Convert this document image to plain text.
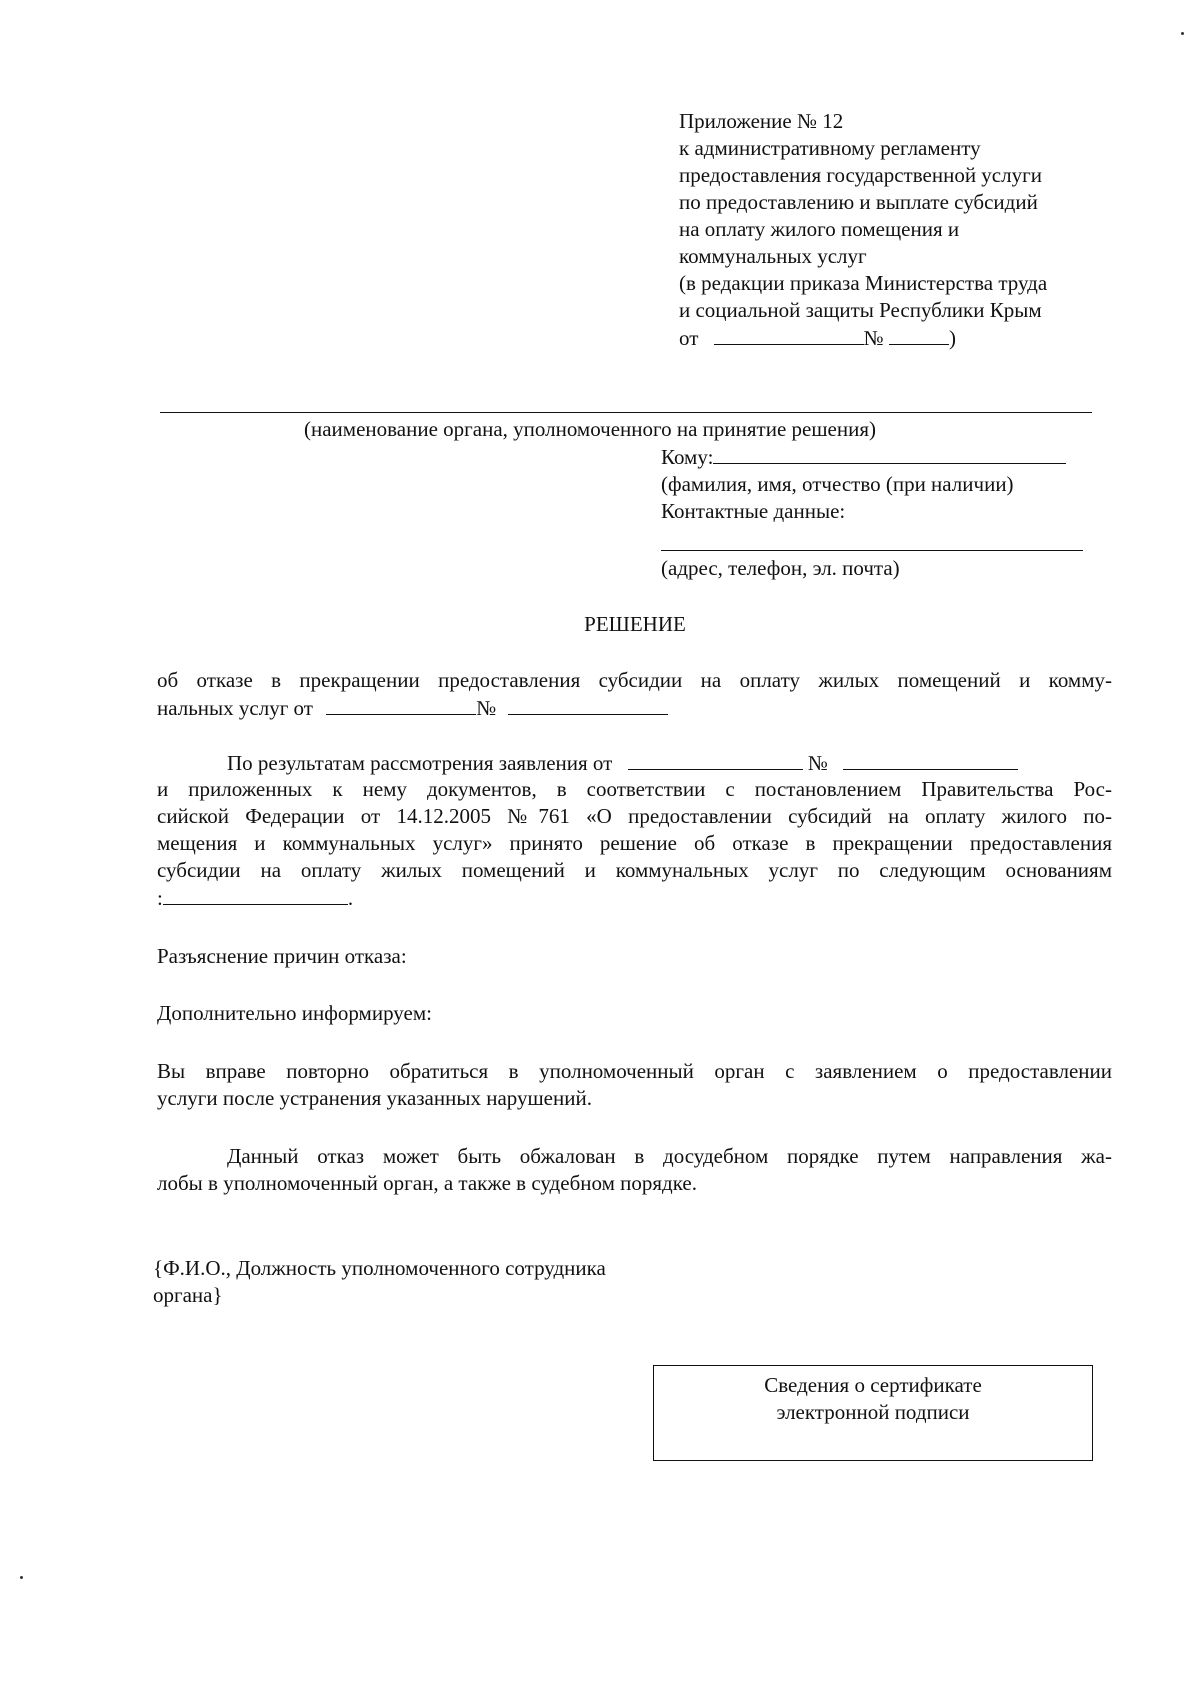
Приложение № 12
к административному регламенту
предоставления государственной услуги
по предоставлению и выплате субсидий
на оплату жилого помещения и
коммунальных услуг
(в редакции приказа Министерства труда
и социальной защиты Республики Крым
от	№	)
(наименование органа, уполномоченного на принятие решения)
Кому:
(фамилия, имя, отчество (при наличии)
Контактные данные:
(адрес, телефон, эл. почта)
РЕШЕНИЕ
об отказе в прекращении предоставления субсидии на оплату жилых помещений и комму-
нальных услуг от	№
По результатам рассмотрения заявления от	№
и приложенных к нему документов, в соответствии с постановлением Правительства Рос-
сийской Федерации от 14.12.2005 №761 «О предоставлении субсидий на оплату жилого по-
мещения и коммунальных услуг» принято решение об отказе в прекращении предоставления
субсидии на оплату жилых помещений и коммунальных услуг по следующим основаниям
:	.
Разъяснение причин отказа:
Дополнительно информируем:
Вы вправе повторно обратиться в уполномоченный орган с заявлением о предоставлении
услуги после устранения указанных нарушений.
Данный отказ может быть обжалован в досудебном порядке путем направления жа-
лобы в уполномоченный орган, а также в судебном порядке.
{Ф.И.О., Должность уполномоченного сотрудника
органа}
Сведения о сертификате
электронной подписи
